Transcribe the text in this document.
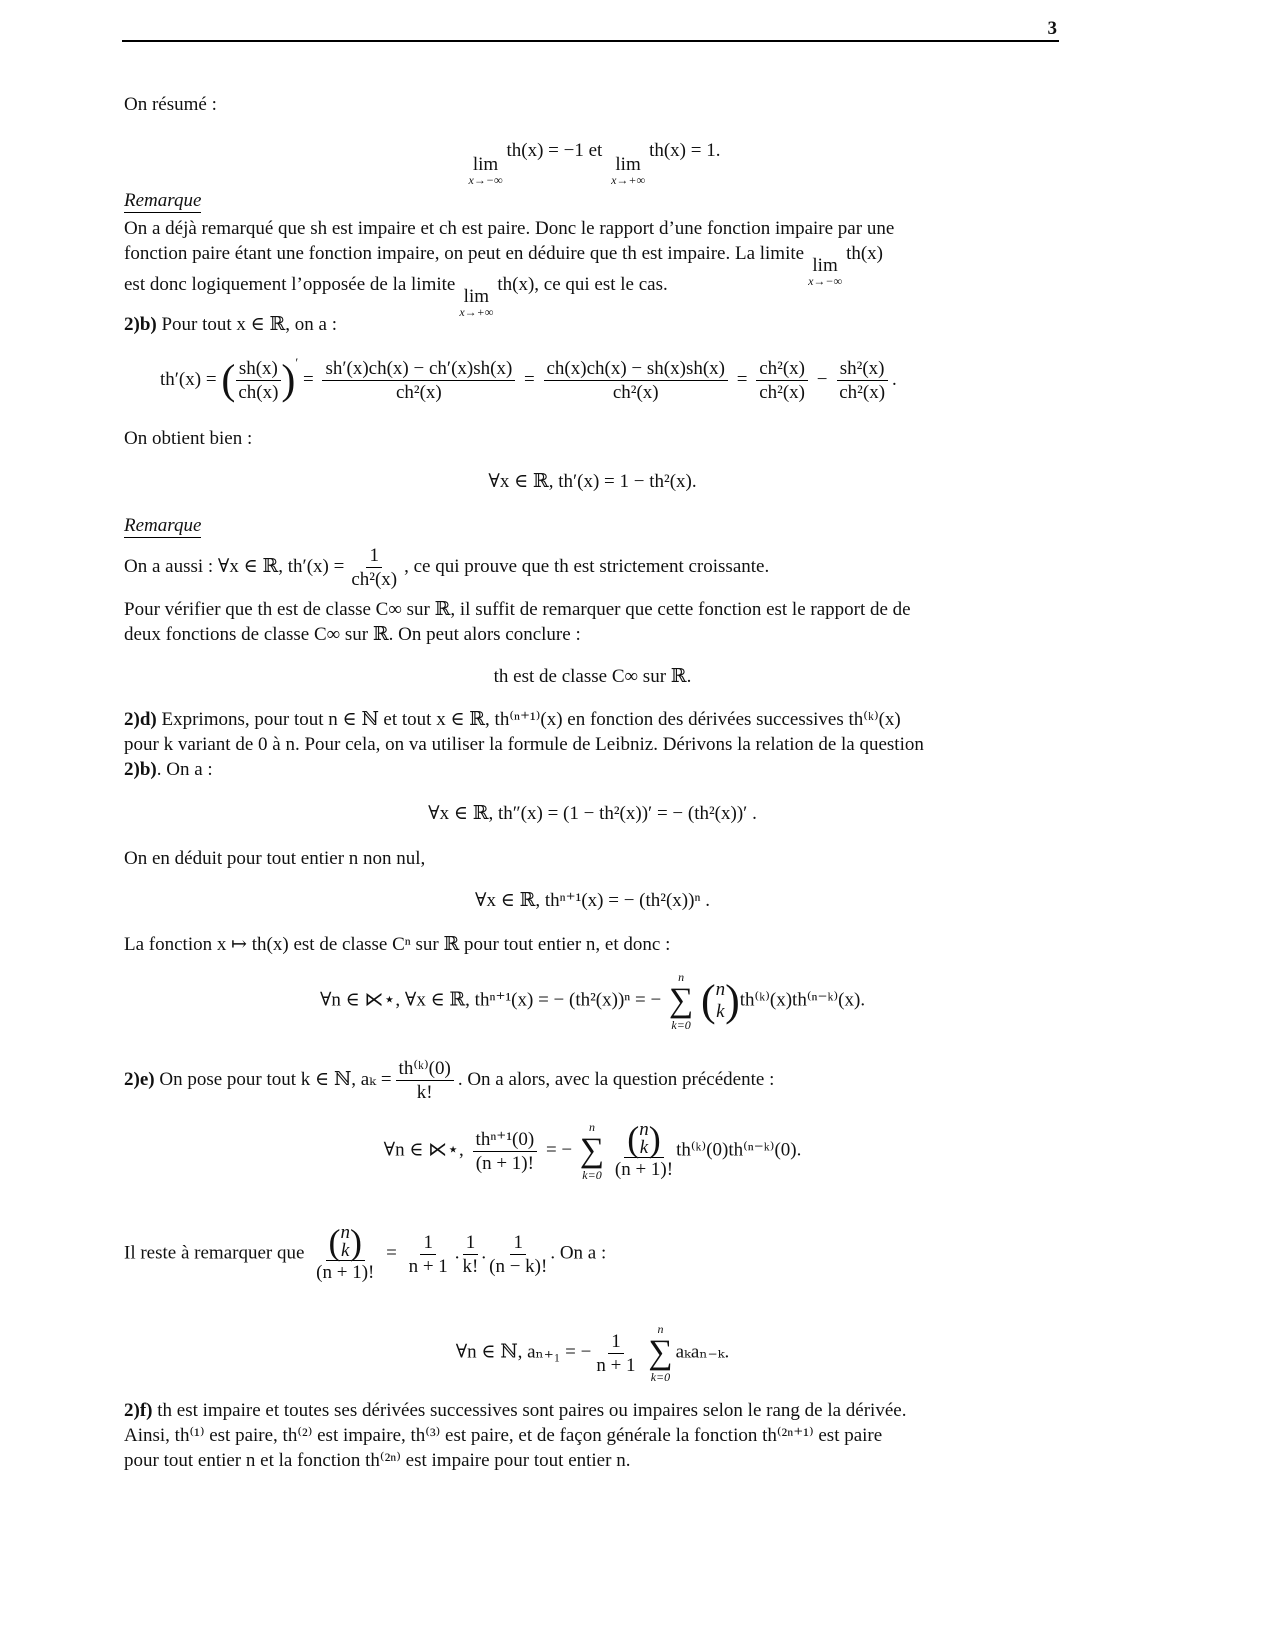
3
On résumé :
lim
x→−∞
th(x) = −1 et
lim
x→+∞
th(x) = 1.
Remarque
On a déjà remarqué que sh est impaire et ch est paire. Donc le rapport d’une fonction impaire par une
fonction paire étant une fonction impaire, on peut en déduire que th est impaire. La limite
lim
x→−∞
th(x)
est donc logiquement l’opposée de la limite
lim
x→+∞
th(x), ce qui est le cas.
2)b) Pour tout x ∈ ℝ, on a :
th′(x) = ( $\frac{sh(x)}{ch(x)} )' = \frac{sh'(x)ch(x) - ch'(x)sh(x)}{\text{ch²(x)}} = \frac{ch(x)ch(x) - sh(x)sh(x)}{\text{ch²(x)}} = \frac{\text{ch²(x)}}{\text{ch²(x)}} - \frac{\text{sh²(x)}}{\text{ch²(x)}}$ .
On obtient bien :
∀x ∈ ℝ, th′(x) = 1 − th²(x).
Remarque
On a aussi : ∀x ∈ ℝ, $th'(x) = \frac{1}{\text{ch²(x)}}$ , ce qui prouve que th est strictement croissante.
Pour vérifier que th est de classe C∞ sur ℝ, il suffit de remarquer que cette fonction est le rapport de de
deux fonctions de classe C∞ sur ℝ. On peut alors conclure :
th est de classe C∞ sur ℝ.
2)d) Exprimons, pour tout n ∈ ℕ et tout x ∈ ℝ, th⁽ⁿ⁺¹⁾(x) en fonction des dérivées successives th⁽ᵏ⁾(x)
pour k variant de 0 à n. Pour cela, on va utiliser la formule de Leibniz. Dérivons la relation de la question
2)b). On a :
∀x ∈ ℝ, th″(x) = (1 − th²(x))′ = − (th²(x))′ .
On en déduit pour tout entier n non nul,
∀x ∈ ℝ, thⁿ⁺¹(x) = − (th²(x))ⁿ .
La fonction x ↦ th(x) est de classe Cⁿ sur ℝ pour tout entier n, et donc :
∀n ∈ ⋉⋆, ∀x ∈ ℝ, thⁿ⁺¹(x) = − (th²(x))ⁿ = −
n
∑
k=0
( n
k ) th⁽ᵏ⁾(x)th⁽ⁿ⁻ᵏ⁾(x).
2)e) On pose pour tout k ∈ ℕ, $a_k = \frac{\text{th⁽ᵏ⁾(0)}}{k!}$ . On a alors, avec la question précédente :
∀n ∈ ⋉⋆, $\frac{\text{thⁿ⁺¹(0)}}{(n + 1)!}$ = −
n
∑
k=0
( n
k )
(n + 1)! th⁽ᵏ⁾(0)th⁽ⁿ⁻ᵏ⁾(0).
Il reste à remarquer que ( n
k )
(n + 1)! = $\frac{1}{n + 1}$ . $\frac{1}{k!}$ . $\frac{1}{(n - k)!}$ . On a :
∀n ∈ ℕ, aₙ₊₁ = − $\frac{1}{n + 1}$

n
∑
k=0
aₖaₙ₋ₖ.
2)f) th est impaire et toutes ses dérivées successives sont paires ou impaires selon le rang de la dérivée.
Ainsi, th⁽¹⁾ est paire, th⁽²⁾ est impaire, th⁽³⁾ est paire, et de façon générale la fonction th⁽²ⁿ⁺¹⁾ est paire
pour tout entier n et la fonction th⁽²ⁿ⁾ est impaire pour tout entier n.
